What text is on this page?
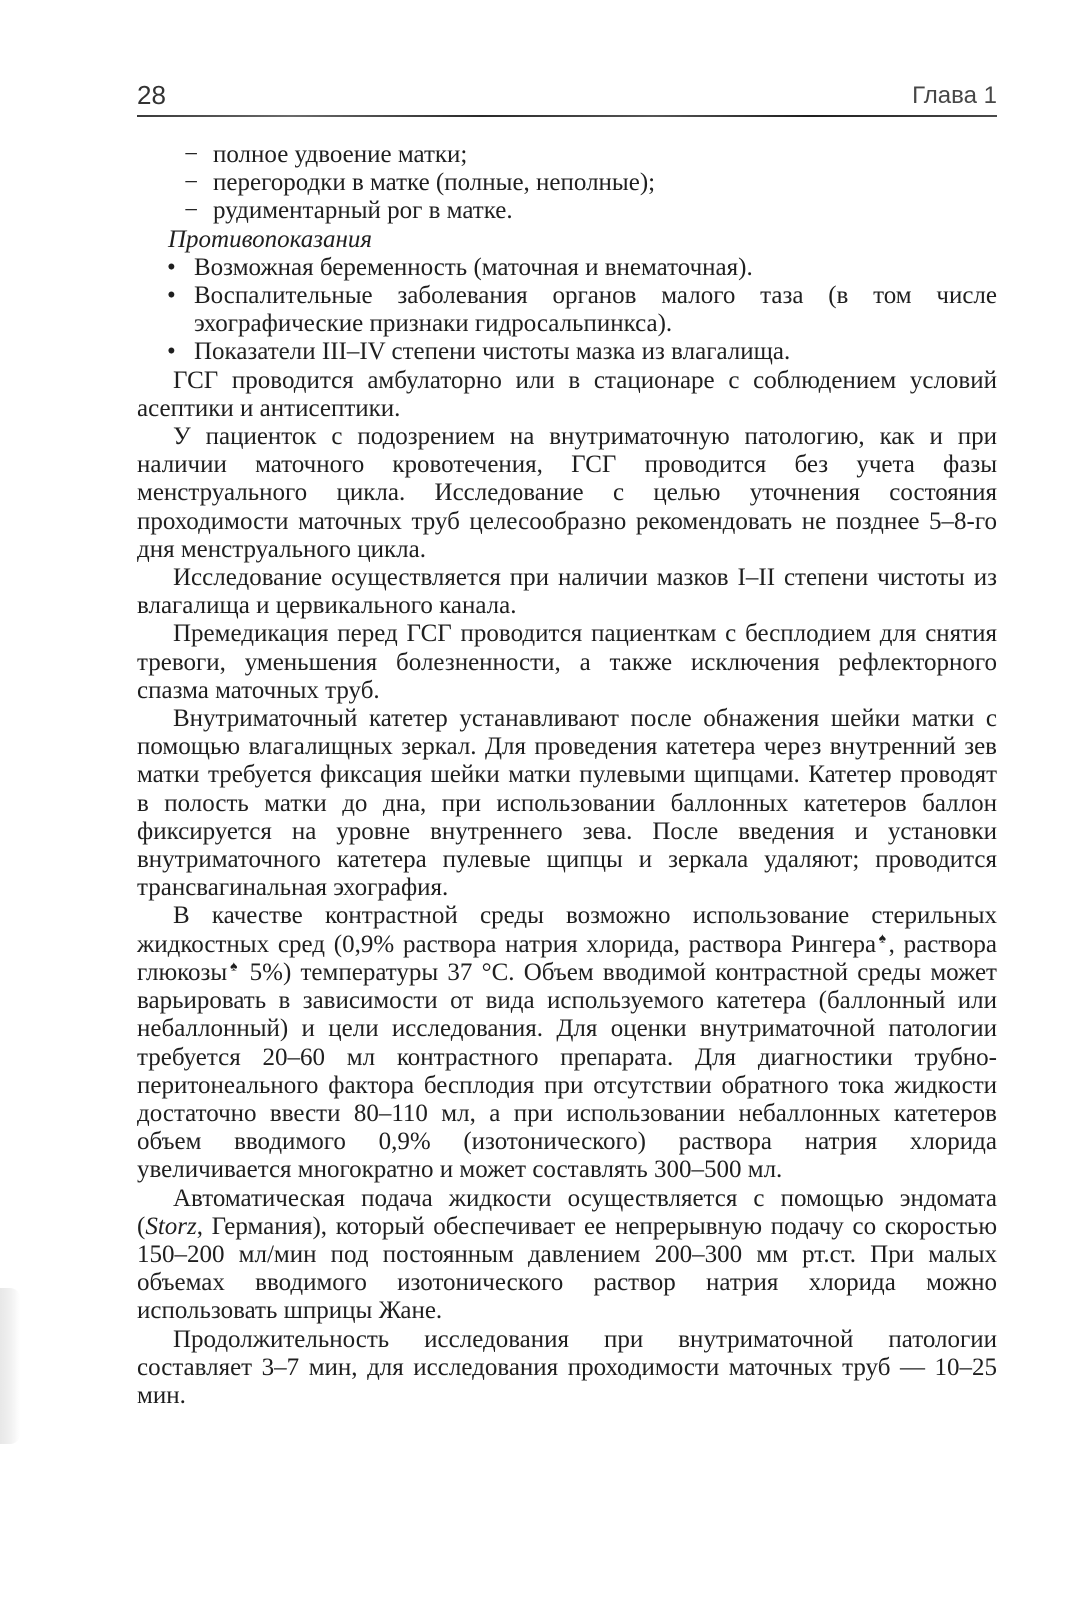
28	Глава 1
− полное удвоение матки;
− перегородки в матке (полные, неполные);
− рудиментарный рог в матке.
Противопоказания
• Возможная беременность (маточная и внематочная).
• Воспалительные заболевания органов малого таза (в том числе эхографические признаки гидросальпинкса).
• Показатели III–IV степени чистоты мазка из влагалища.
ГСГ проводится амбулаторно или в стационаре с соблюдением условий асептики и антисептики.
У пациенток с подозрением на внутриматочную патологию, как и при наличии маточного кровотечения, ГСГ проводится без учета фазы менструального цикла. Исследование с целью уточнения состояния проходимости маточных труб целесообразно рекомендовать не позднее 5–8-го дня менструального цикла.
Исследование осуществляется при наличии мазков I–II степени чистоты из влагалища и цервикального канала.
Премедикация перед ГСГ проводится пациенткам с бесплодием для снятия тревоги, уменьшения болезненности, а также исключения рефлекторного спазма маточных труб.
Внутриматочный катетер устанавливают после обнажения шейки матки с помощью влагалищных зеркал. Для проведения катетера через внутренний зев матки требуется фиксация шейки матки пулевыми щипцами. Катетер проводят в полость матки до дна, при использовании баллонных катетеров баллон фиксируется на уровне внутреннего зева. После введения и установки внутриматочного катетера пулевые щипцы и зеркала удаляют; проводится трансвагинальная эхография.
В качестве контрастной среды возможно использование стерильных жидкостных сред (0,9% раствора натрия хлорида, раствора Рингера♠, раствора глюкозы♠ 5%) температуры 37 °С. Объем вводимой контрастной среды может варьировать в зависимости от вида используемого катетера (баллонный или небаллонный) и цели исследования. Для оценки внутриматочной патологии требуется 20–60 мл контрастного препарата. Для диагностики трубно-перитонеального фактора бесплодия при отсутствии обратного тока жидкости достаточно ввести 80–110 мл, а при использовании небаллонных катетеров объем вводимого 0,9% (изотонического) раствора натрия хлорида увеличивается многократно и может составлять 300–500 мл.
Автоматическая подача жидкости осуществляется с помощью эндомата (Storz, Германия), который обеспечивает ее непрерывную подачу со скоростью 150–200 мл/мин под постоянным давлением 200–300 мм рт.ст. При малых объемах вводимого изотонического раствор натрия хлорида можно использовать шприцы Жане.
Продолжительность исследования при внутриматочной патологии составляет 3–7 мин, для исследования проходимости маточных труб — 10–25 мин.
